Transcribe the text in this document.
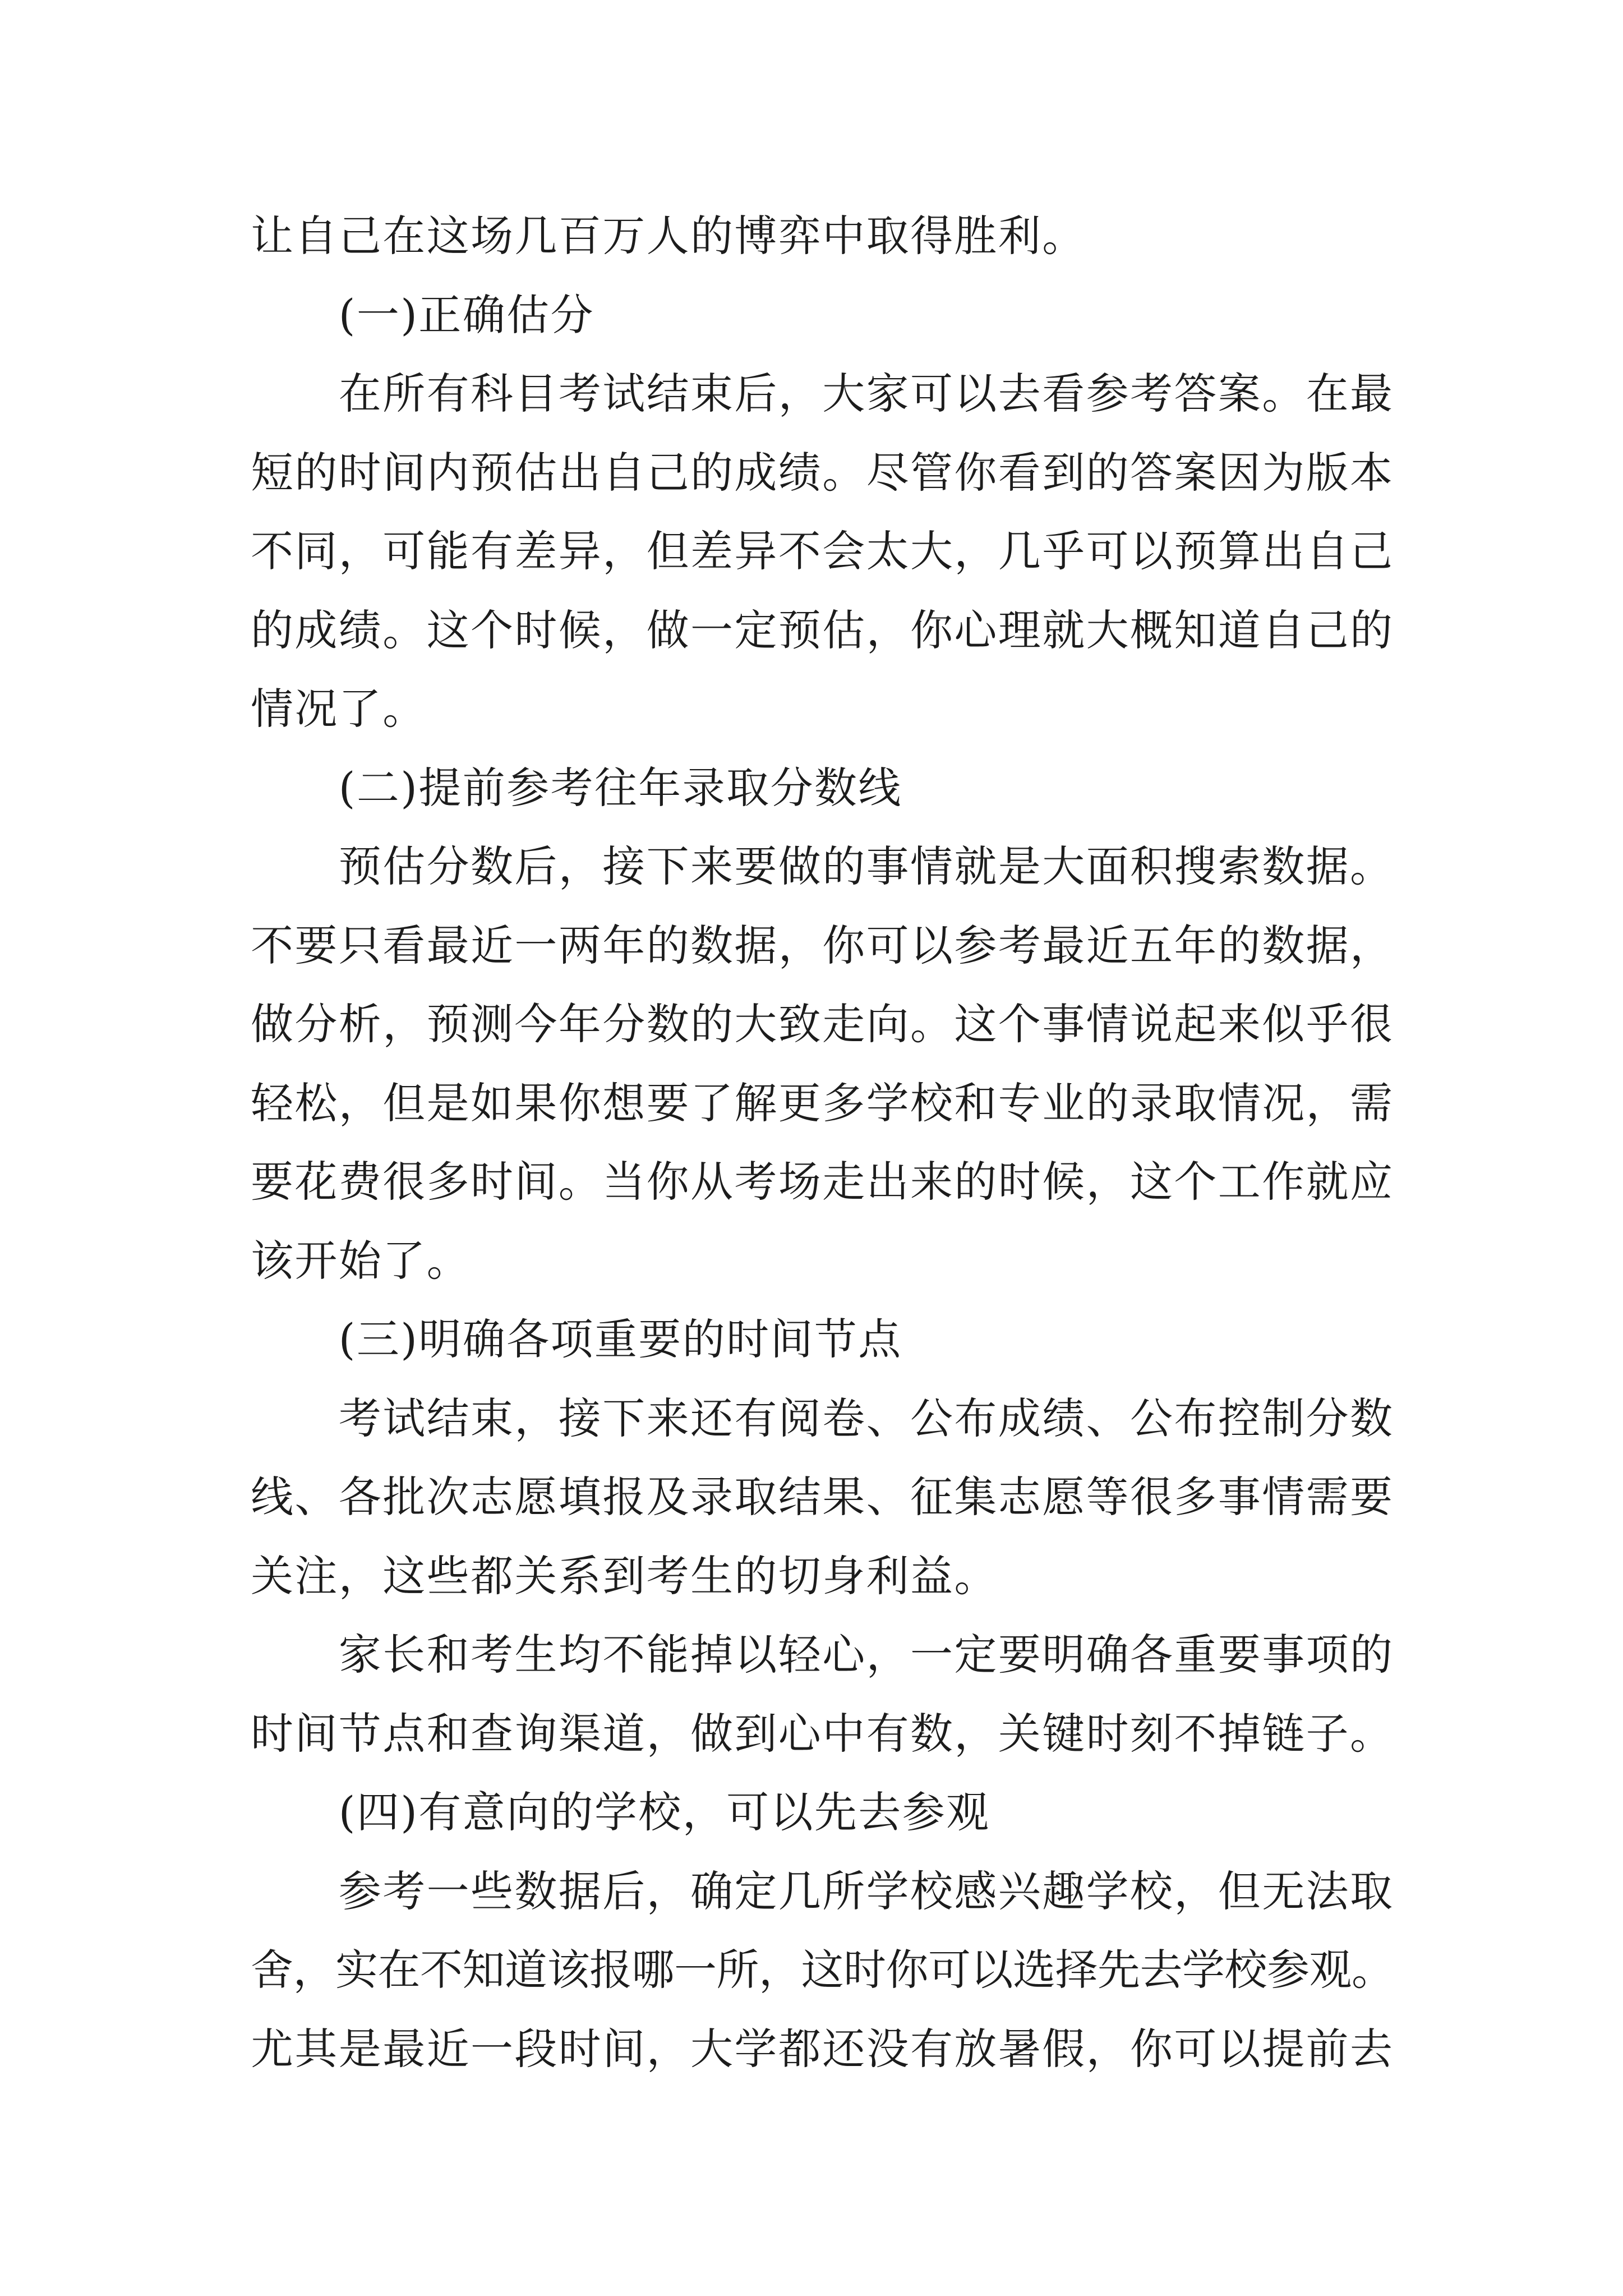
让自己在这场几百万人的博弈中取得胜利。
(一)正确估分
在所有科目考试结束后，大家可以去看参考答案。在最
短的时间内预估出自己的成绩。尽管你看到的答案因为版本
不同，可能有差异，但差异不会太大，几乎可以预算出自己
的成绩。这个时候，做一定预估，你心理就大概知道自己的
情况了。
(二)提前参考往年录取分数线
预估分数后，接下来要做的事情就是大面积搜索数据。
不要只看最近一两年的数据，你可以参考最近五年的数据，
做分析，预测今年分数的大致走向。这个事情说起来似乎很
轻松，但是如果你想要了解更多学校和专业的录取情况，需
要花费很多时间。当你从考场走出来的时候，这个工作就应
该开始了。
(三)明确各项重要的时间节点
考试结束，接下来还有阅卷、公布成绩、公布控制分数
线、各批次志愿填报及录取结果、征集志愿等很多事情需要
关注，这些都关系到考生的切身利益。
家长和考生均不能掉以轻心，一定要明确各重要事项的
时间节点和查询渠道，做到心中有数，关键时刻不掉链子。
(四)有意向的学校，可以先去参观
参考一些数据后，确定几所学校感兴趣学校，但无法取
舍，实在不知道该报哪一所，这时你可以选择先去学校参观。
尤其是最近一段时间，大学都还没有放暑假，你可以提前去
